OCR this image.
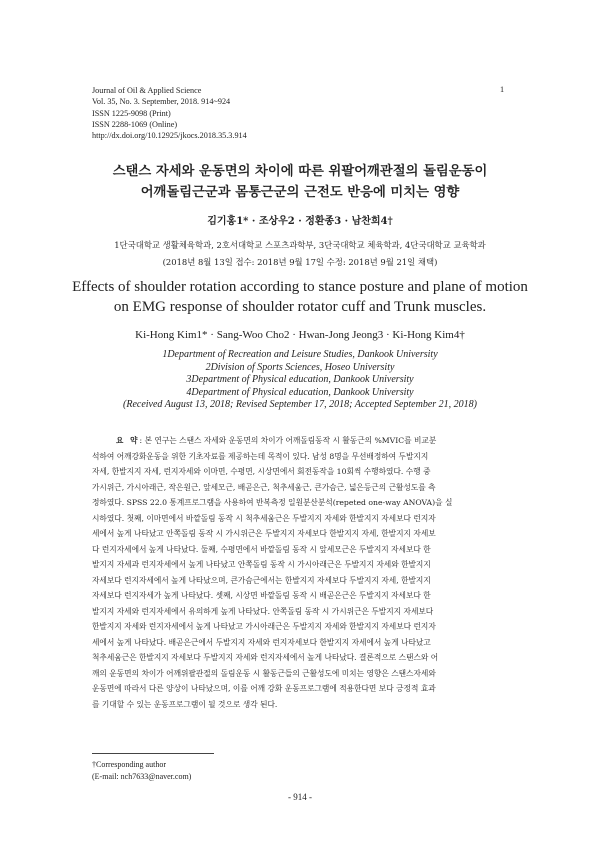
Journal of Oil & Applied Science
Vol. 35, No. 3. September, 2018. 914~924
ISSN 1225-9098 (Print)
ISSN 2288-1069 (Online)
http://dx.doi.org/10.12925/jkocs.2018.35.3.914
1
스탠스 자세와 운동면의 차이에 따른 위팔어깨관절의 돌림운동이
어깨돌림근군과 몸통근군의 근전도 반응에 미치는 영향
김기홍1* · 조상우2 · 정환종3 · 남찬희4†
1단국대학교 생활체육학과, 2호서대학교 스포츠과학부, 3단국대학교 체육학과, 4단국대학교 교육학과
(2018년 8월 13일 접수: 2018년 9월 17일 수정: 2018년 9월 21일 채택)
Effects of shoulder rotation according to stance posture and plane of motion
on EMG response of shoulder rotator cuff and Trunk muscles.
Ki-Hong Kim1* · Sang-Woo Cho2 · Hwan-Jong Jeong3 · Ki-Hong Kim4†
1Department of Recreation and Leisure Studies, Dankook University
2Division of Sports Sciences, Hoseo University
3Department of Physical education, Dankook University
4Department of Physical education, Dankook University
(Received August 13, 2018; Revised September 17, 2018; Accepted September 21, 2018)
요 약: 본 연구는 스탠스 자세와 운동면의 차이가 어깨돌림동작 시 활동근의 %MVIC를 비교분
석하여 어깨강화운동을 위한 기초자료를 제공하는데 목적이 있다. 남성 8명을 무선배정하여 두발지지
자세, 한발지지 자세, 런지자세와 이마면, 수평면, 시상면에서 회전동작을 10회씩 수행하였다. 수행 중
가시위근, 가시아래근, 작은원근, 앞세모근, 배곧은근, 척추세움근, 큰가슴근, 넓은등근의 근활성도를 측
정하였다. SPSS 22.0 통계프로그램을 사용하여 반복측정 일원분산분석(repeted one-way ANOVA)을 실
시하였다. 첫째, 이마면에서 바깥돌림 동작 시 척추세움근은 두발지지 자세와 한발지지 자세보다 런지자
세에서 높게 나타났고 안쪽돌림 동작 시 가시위근은 두발지지 자세보다 한발지지 자세, 한발지지 자세보
다 런지자세에서 높게 나타났다. 둘째, 수평면에서 바깥돌림 동작 시 앞세모근은 두발지지 자세보다 한
발지지 자세과 런지자세에서 높게 나타났고 안쪽돌림 동작 시 가시아래근은 두발지지 자세와 한발지지
자세보다 런지자세에서 높게 나타났으며, 큰가슴근에서는 한발지지 자세보다 두발지지 자세, 한발지지
자세보다 런지자세가 높게 나타났다. 셋째, 시상면 바깥돌림 동작 시 배곧은근은 두발지지 자세보다 한
발지지 자세와 런지자세에서 유의하게 높게 나타났다. 안쪽돌림 동작 시 가시위근은 두발지지 자세보다
한발지지 자세와 런지자세에서 높게 나타났고 가시아래근은 두발지지 자세와 한발지지 자세보다 런지자
세에서 높게 나타났다. 배곧은근에서 두발지지 자세와 런지자세보다 한발지지 자세에서 높게 나타났고
척추세움근은 한발지지 자세보다 두발지지 자세와 런지자세에서 높게 나타났다. 결론적으로 스탠스와 어
깨의 운동면의 차이가 어깨위팔관절의 돌림운동 시 활동근들의 근활성도에 미치는 영향은 스탠스자세와
운동면에 따라서 다른 양상이 나타났으며, 이를 어깨 강화 운동프로그램에 적용한다면 보다 긍정적 효과
를 기대할 수 있는 운동프로그램이 될 것으로 생각 된다.
†Corresponding author
(E-mail: nch7633@naver.com)
- 914 -
